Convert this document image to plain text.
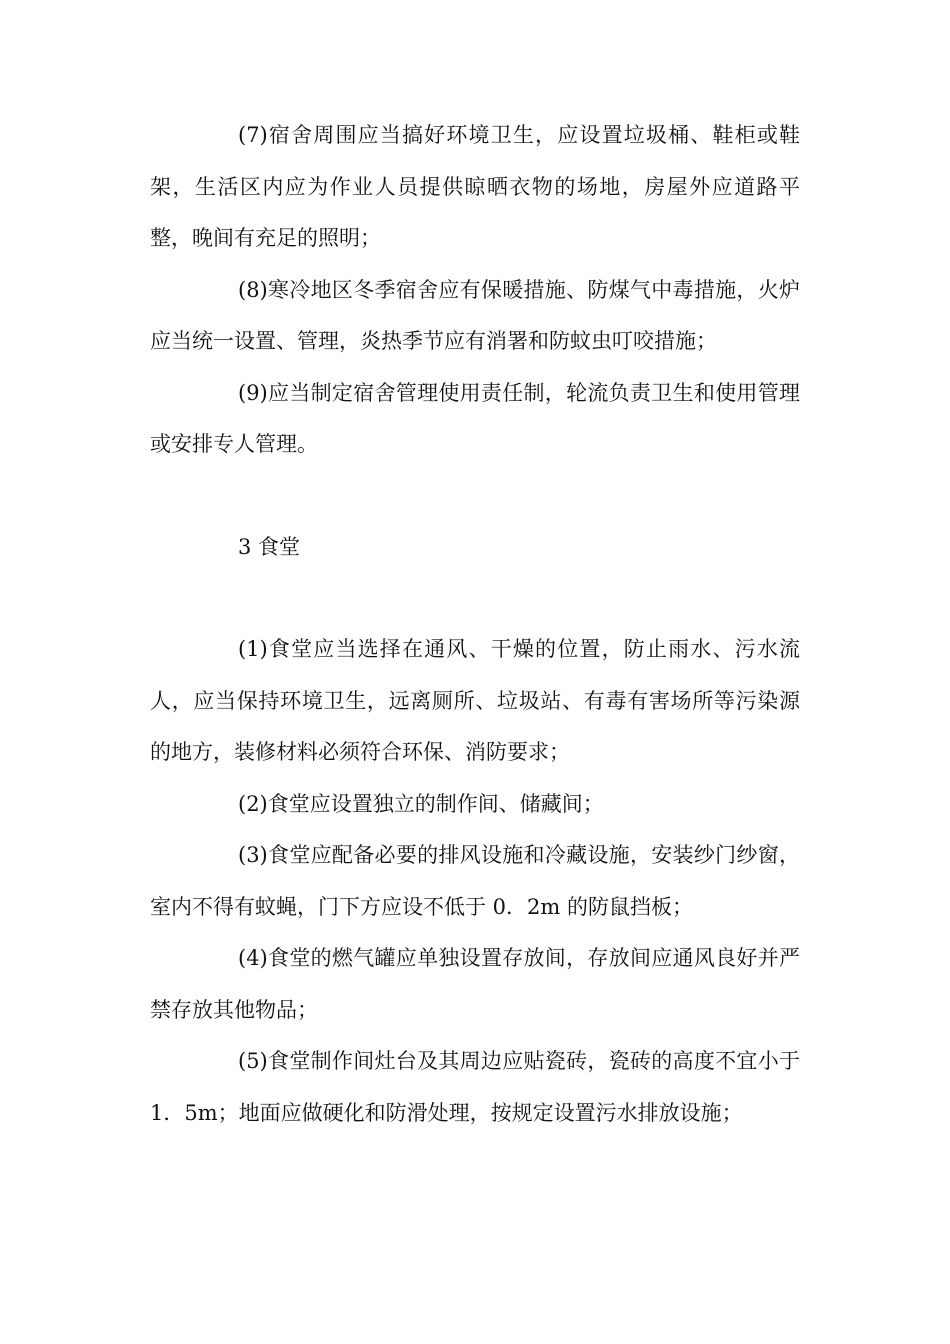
(7)宿舍周围应当搞好环境卫生，应设置垃圾桶、鞋柜或鞋架，生活区内应为作业人员提供晾晒衣物的场地，房屋外应道路平整，晚间有充足的照明；

(8)寒冷地区冬季宿舍应有保暖措施、防煤气中毒措施，火炉应当统一设置、管理，炎热季节应有消署和防蚊虫叮咬措施；

(9)应当制定宿舍管理使用责任制，轮流负责卫生和使用管理或安排专人管理。

3 食堂

(1)食堂应当选择在通风、干燥的位置，防止雨水、污水流人，应当保持环境卫生，远离厕所、垃圾站、有毒有害场所等污染源的地方，装修材料必须符合环保、消防要求；

(2)食堂应设置独立的制作间、储藏间；

(3)食堂应配备必要的排风设施和冷藏设施，安装纱门纱窗，室内不得有蚊蝇，门下方应设不低于 0．2m 的防鼠挡板；

(4)食堂的燃气罐应单独设置存放间，存放间应通风良好并严禁存放其他物品；

(5)食堂制作间灶台及其周边应贴瓷砖，瓷砖的高度不宜小于 1．5m；地面应做硬化和防滑处理，按规定设置污水排放设施；
